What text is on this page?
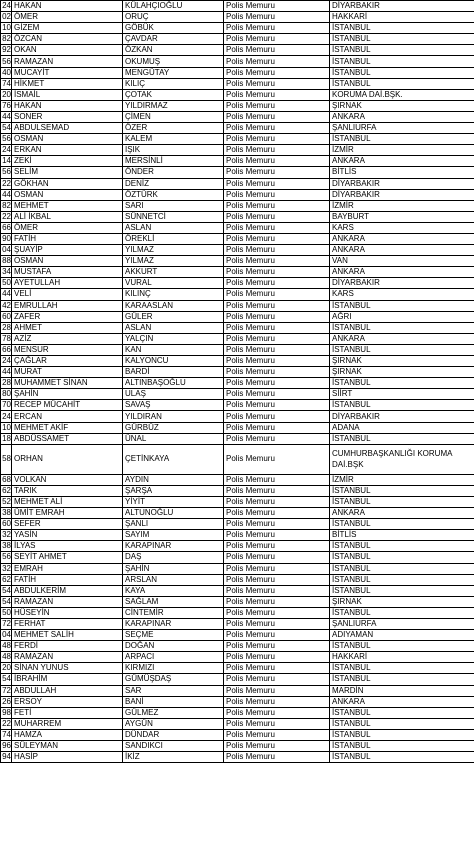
24	HAKAN	KÜLAHÇIOĞLU	Polis Memuru	DİYARBAKIR
02	ÖMER	ORUÇ	Polis Memuru	HAKKARİ
10	GİZEM	GÖBÜK	Polis Memuru	İSTANBUL
82	ÖZCAN	ÇAVDAR	Polis Memuru	İSTANBUL
92	OKAN	ÖZKAN	Polis Memuru	İSTANBUL
56	RAMAZAN	OKUMUŞ	Polis Memuru	İSTANBUL
40	MUCAYİT	MENGÜTAY	Polis Memuru	İSTANBUL
74	HİKMET	KILIÇ	Polis Memuru	İSTANBUL
20	İSMAİL	ÇOTAK	Polis Memuru	KORUMA DAİ.BŞK.
76	HAKAN	YILDIRMAZ	Polis Memuru	ŞIRNAK
44	SONER	ÇİMEN	Polis Memuru	ANKARA
54	ABDULSEMAD	ÖZER	Polis Memuru	ŞANLIURFA
56	OSMAN	KALEM	Polis Memuru	İSTANBUL
24	ERKAN	IŞIK	Polis Memuru	İZMİR
14	ZEKİ	MERSİNLİ	Polis Memuru	ANKARA
56	SELİM	ÖNDER	Polis Memuru	BİTLİS
22	GÖKHAN	DENİZ	Polis Memuru	DİYARBAKIR
44	OSMAN	ÖZTÜRK	Polis Memuru	DİYARBAKIR
82	MEHMET	SARI	Polis Memuru	İZMİR
22	ALİ İKBAL	SÜNNETCİ	Polis Memuru	BAYBURT
66	ÖMER	ASLAN	Polis Memuru	KARS
90	FATİH	ÖREKLİ	Polis Memuru	ANKARA
04	ŞUAYİP	YILMAZ	Polis Memuru	ANKARA
88	OSMAN	YILMAZ	Polis Memuru	VAN
34	MUSTAFA	AKKURT	Polis Memuru	ANKARA
50	AYETULLAH	VURAL	Polis Memuru	DİYARBAKIR
44	VELİ	KILINÇ	Polis Memuru	KARS
42	EMRULLAH	KARAASLAN	Polis Memuru	İSTANBUL
60	ZAFER	GÜLER	Polis Memuru	AĞRI
28	AHMET	ASLAN	Polis Memuru	İSTANBUL
78	AZİZ	YALÇIN	Polis Memuru	ANKARA
66	MENSUR	KAN	Polis Memuru	İSTANBUL
24	ÇAĞLAR	KALYONCU	Polis Memuru	ŞIRNAK
44	MURAT	BARDİ	Polis Memuru	ŞIRNAK
28	MUHAMMET SİNAN	ALTINBAŞOĞLU	Polis Memuru	İSTANBUL
80	ŞAHİN	ULAŞ	Polis Memuru	SİİRT
70	RECEP MÜCAHİT	SAVAŞ	Polis Memuru	İSTANBUL
24	ERCAN	YILDIRAN	Polis Memuru	DİYARBAKIR
10	MEHMET AKİF	GÜRBÜZ	Polis Memuru	ADANA
18	ABDÜSSAMET	ÜNAL	Polis Memuru	İSTANBUL
58	ORHAN	ÇETİNKAYA	Polis Memuru	CUMHURBAŞKANLIĞI KORUMA DAİ.BŞK
68	VOLKAN	AYDIN	Polis Memuru	İZMİR
62	TARIK	ŞARŞA	Polis Memuru	İSTANBUL
52	MEHMET ALİ	YİYİT	Polis Memuru	İSTANBUL
38	ÜMİT EMRAH	ALTUNOĞLU	Polis Memuru	ANKARA
60	SEFER	ŞANLI	Polis Memuru	İSTANBUL
32	YASİN	SAYIM	Polis Memuru	BİTLİS
38	İLYAS	KARAPINAR	Polis Memuru	İSTANBUL
56	SEYİT AHMET	DAŞ	Polis Memuru	İSTANBUL
32	EMRAH	ŞAHİN	Polis Memuru	İSTANBUL
62	FATİH	ARSLAN	Polis Memuru	İSTANBUL
54	ABDULKERİM	KAYA	Polis Memuru	İSTANBUL
54	RAMAZAN	SAĞLAM	Polis Memuru	ŞIRNAK
50	HÜSEYİN	CİNTEMİR	Polis Memuru	İSTANBUL
72	FERHAT	KARAPINAR	Polis Memuru	ŞANLIURFA
04	MEHMET SALİH	SEÇME	Polis Memuru	ADIYAMAN
48	FERDİ	DOĞAN	Polis Memuru	İSTANBUL
48	RAMAZAN	ARPACI	Polis Memuru	HAKKARİ
20	SİNAN YUNUS	KIRMIZI	Polis Memuru	İSTANBUL
54	İBRAHİM	GÜMÜŞDAŞ	Polis Memuru	İSTANBUL
72	ABDULLAH	SAR	Polis Memuru	MARDİN
26	ERSOY	BANİ	Polis Memuru	ANKARA
98	FETİ	GÜLMEZ	Polis Memuru	İSTANBUL
22	MUHARREM	AYGÜN	Polis Memuru	İSTANBUL
74	HAMZA	DÜNDAR	Polis Memuru	İSTANBUL
96	SÜLEYMAN	SANDIKCI	Polis Memuru	İSTANBUL
94	HASİP	İKİZ	Polis Memuru	İSTANBUL
